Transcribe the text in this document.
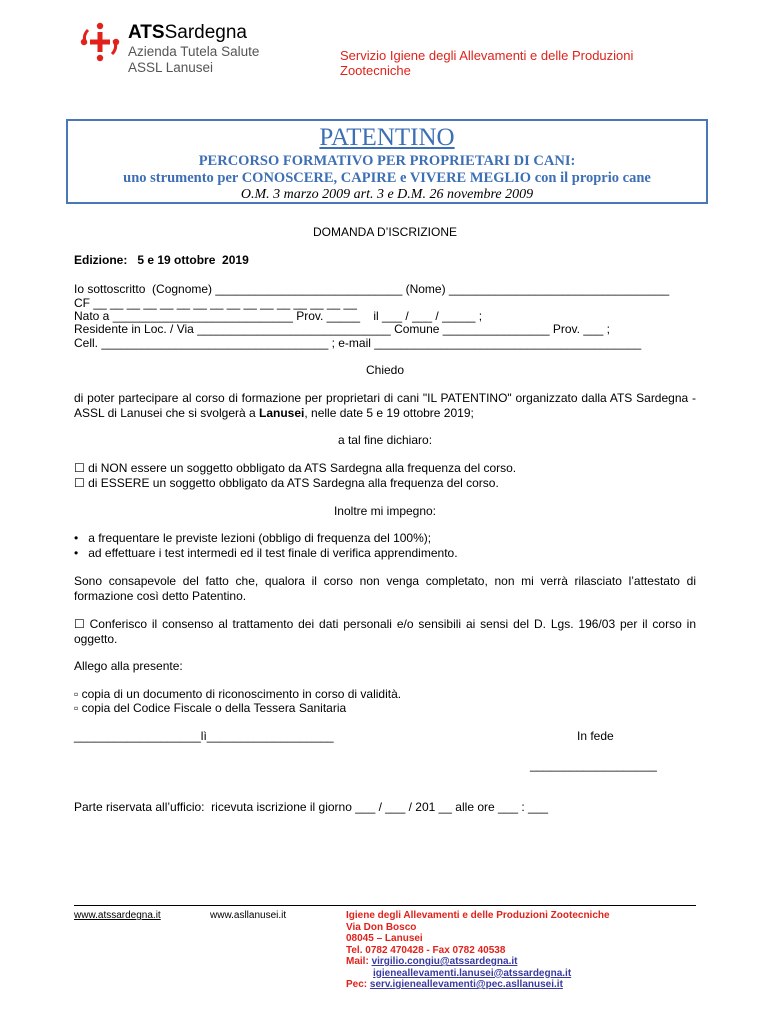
ATSSardegna
Azienda Tutela Salute
ASSL Lanusei
Servizio Igiene degli Allevamenti e delle Produzioni
Zootecniche
PATENTINO
PERCORSO FORMATIVO PER PROPRIETARI DI CANI:
uno strumento per CONOSCERE, CAPIRE e VIVERE MEGLIO con il proprio cane
O.M. 3 marzo 2009 art. 3 e D.M. 26 novembre 2009
DOMANDA D’ISCRIZIONE
Edizione: 5 e 19 ottobre  2019
Io sottoscritto  (Cognome) ____________________________ (Nome) _________________________________
CF __ __ __ __ __ __ __ __ __ __ __ __ __ __ __ __
Nato a ___________________________ Prov. _____    il ___ / ___ / _____ ;
Residente in Loc. / Via _____________________________ Comune ________________ Prov. ___ ;
Cell. __________________________________ ; e-mail ________________________________________
Chiedo
di poter partecipare al corso di formazione per proprietari di cani "IL PATENTINO" organizzato dalla ATS Sardegna - ASSL di Lanusei che si svolgerà a Lanusei, nelle date 5 e 19 ottobre 2019;
a tal fine dichiaro:
☐ di NON essere un soggetto obbligato da ATS Sardegna alla frequenza del corso.
☐ di ESSERE un soggetto obbligato da ATS Sardegna alla frequenza del corso.
Inoltre mi impegno:
• a frequentare le previste lezioni (obbligo di frequenza del 100%);
• ad effettuare i test intermedi ed il test finale di verifica apprendimento.
Sono consapevole del fatto che, qualora il corso non venga completato, non mi verrà rilasciato l’attestato di formazione così detto Patentino.
☐ Conferisco il consenso al trattamento dei dati personali e/o sensibili ai sensi del D. Lgs. 196/03 per il corso in oggetto.
Allego alla presente:
▫ copia di un documento di riconoscimento in corso di validità.
▫ copia del Codice Fiscale o della Tessera Sanitaria
___________________lì___________________	In fede
___________________
Parte riservata all’ufficio:  ricevuta iscrizione il giorno ___ / ___ / 201 __ alle ore ___ : ___
www.atssardegna.it	www.asllanusei.it	Igiene degli Allevamenti e delle Produzioni Zootecniche
Via Don Bosco
08045 – Lanusei
Tel. 0782 470428 - Fax 0782 40538
Mail: virgilio.congiu@atssardegna.it
igieneallevamenti.lanusei@atssardegna.it
Pec: serv.igieneallevamenti@pec.asllanusei.it
